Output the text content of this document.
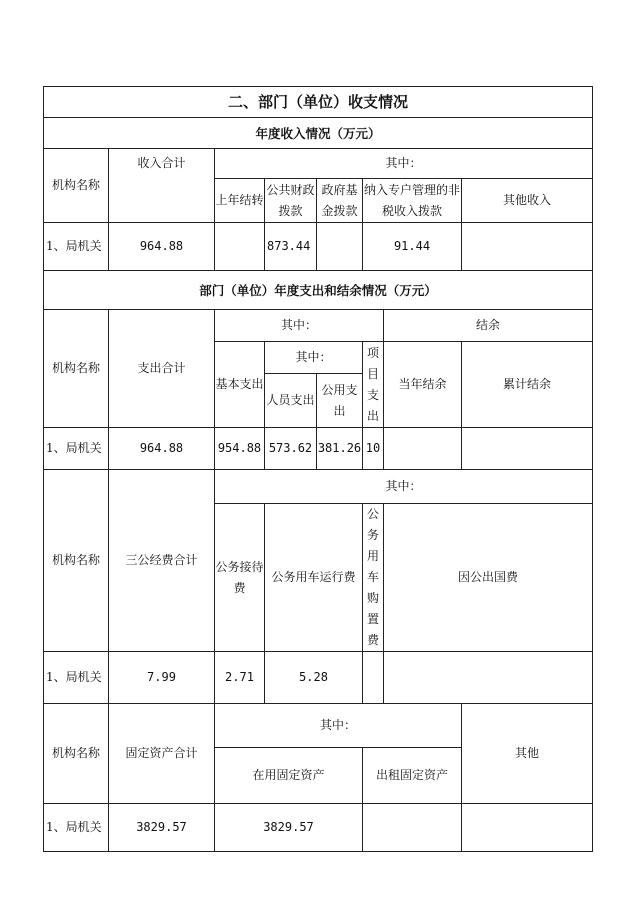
二、部门（单位）收支情况							
年度收入情况（万元）							
机构名称	收入合计	其中：					
		上年结转	公共财政拨款	政府基金拨款	纳入专户管理的非税收入拨款		其他收入
1、局机关	964.88		873.44		91.44		
部门（单位）年度支出和结余情况（万元）							
机构名称	支出合计	其中：				结余	
		基本支出	其中：		项目支出	当年结余	累计结余
			人员支出	公用支出			
1、局机关	964.88	954.88	573.62	381.26	10		
机构名称	三公经费合计	其中：					
		公务接待费	公务用车运行费		公务用车购置费	因公出国费	
1、局机关	7.99	2.71	5.28				
机构名称	固定资产合计	其中：					其他
		在用固定资产			出租固定资产		
1、局机关	3829.57	3829.57					
